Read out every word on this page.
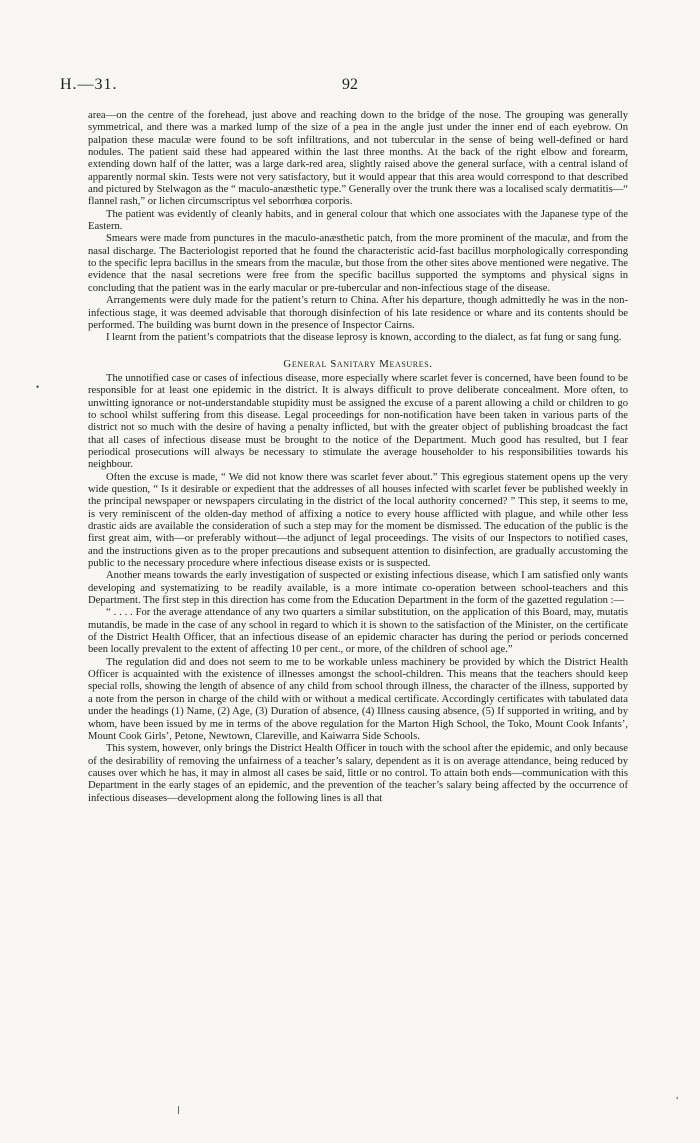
H.—31.	92

area—on the centre of the forehead, just above and reaching down to the bridge of the nose. The grouping was generally symmetrical, and there was a marked lump of the size of a pea in the angle just under the inner end of each eyebrow. On palpation these maculæ were found to be soft infiltrations, and not tubercular in the sense of being well-defined or hard nodules. The patient said these had appeared within the last three months. At the back of the right elbow and forearm, extending down half of the latter, was a large dark-red area, slightly raised above the general surface, with a central island of apparently normal skin. Tests were not very satisfactory, but it would appear that this area would correspond to that described and pictured by Stelwagon as the “ maculo-anæsthetic type.” Generally over the trunk there was a localised scaly dermatitis—“ flannel rash,” or lichen circumscriptus vel seborrhœa corporis.

The patient was evidently of cleanly habits, and in general colour that which one associates with the Japanese type of the Eastern.

Smears were made from punctures in the maculo-anæsthetic patch, from the more prominent of the maculæ, and from the nasal discharge. The Bacteriologist reported that he found the characteristic acid-fast bacillus morphologically corresponding to the specific lepra bacillus in the smears from the maculæ, but those from the other sites above mentioned were negative. The evidence that the nasal secretions were free from the specific bacillus supported the symptoms and physical signs in concluding that the patient was in the early macular or pre-tubercular and non-infectious stage of the disease.

Arrangements were duly made for the patient’s return to China. After his departure, though admittedly he was in the non-infectious stage, it was deemed advisable that thorough disinfection of his late residence or whare and its contents should be performed. The building was burnt down in the presence of Inspector Cairns.

I learnt from the patient’s compatriots that the disease leprosy is known, according to the dialect, as fat fung or sang fung.

General Sanitary Measures.

The unnotified case or cases of infectious disease, more especially where scarlet fever is concerned, have been found to be responsible for at least one epidemic in the district. It is always difficult to prove deliberate concealment. More often, to unwitting ignorance or not-understandable stupidity must be assigned the excuse of a parent allowing a child or children to go to school whilst suffering from this disease. Legal proceedings for non-notification have been taken in various parts of the district not so much with the desire of having a penalty inflicted, but with the greater object of publishing broadcast the fact that all cases of infectious disease must be brought to the notice of the Department. Much good has resulted, but I fear periodical prosecutions will always be necessary to stimulate the average householder to his responsibilities towards his neighbour.

Often the excuse is made, “ We did not know there was scarlet fever about.” This egregious statement opens up the very wide question, “ Is it desirable or expedient that the addresses of all houses infected with scarlet fever be published weekly in the principal newspaper or newspapers circulating in the district of the local authority concerned? ” This step, it seems to me, is very reminiscent of the olden-day method of affixing a notice to every house afflicted with plague, and while other less drastic aids are available the consideration of such a step may for the moment be dismissed. The education of the public is the first great aim, with—or preferably without—the adjunct of legal proceedings. The visits of our Inspectors to notified cases, and the instructions given as to the proper precautions and subsequent attention to disinfection, are gradually accustoming the public to the necessary procedure where infectious disease exists or is suspected.

Another means towards the early investigation of suspected or existing infectious disease, which I am satisfied only wants developing and systematizing to be readily available, is a more intimate co-operation between school-teachers and this Department. The first step in this direction has come from the Education Department in the form of the gazetted regulation :—

“ . . . . For the average attendance of any two quarters a similar substitution, on the application of this Board, may, mutatis mutandis, be made in the case of any school in regard to which it is shown to the satisfaction of the Minister, on the certificate of the District Health Officer, that an infectious disease of an epidemic character has during the period or periods concerned been locally prevalent to the extent of affecting 10 per cent., or more, of the children of school age.”

The regulation did and does not seem to me to be workable unless machinery be provided by which the District Health Officer is acquainted with the existence of illnesses amongst the school-children. This means that the teachers should keep special rolls, showing the length of absence of any child from school through illness, the character of the illness, supported by a note from the person in charge of the child with or without a medical certificate. Accordingly certificates with tabulated data under the headings (1) Name, (2) Age, (3) Duration of absence, (4) Illness causing absence, (5) If supported in writing, and by whom, have been issued by me in terms of the above regulation for the Marton High School, the Toko, Mount Cook Infants’, Mount Cook Girls’, Petone, Newtown, Clareville, and Kaiwarra Side Schools.

This system, however, only brings the District Health Officer in touch with the school after the epidemic, and only because of the desirability of removing the unfairness of a teacher’s salary, dependent as it is on average attendance, being reduced by causes over which he has, it may in almost all cases be said, little or no control. To attain both ends—communication with this Department in the early stages of an epidemic, and the prevention of the teacher’s salary being affected by the occurrence of infectious diseases—development along the following lines is all that

•
,
